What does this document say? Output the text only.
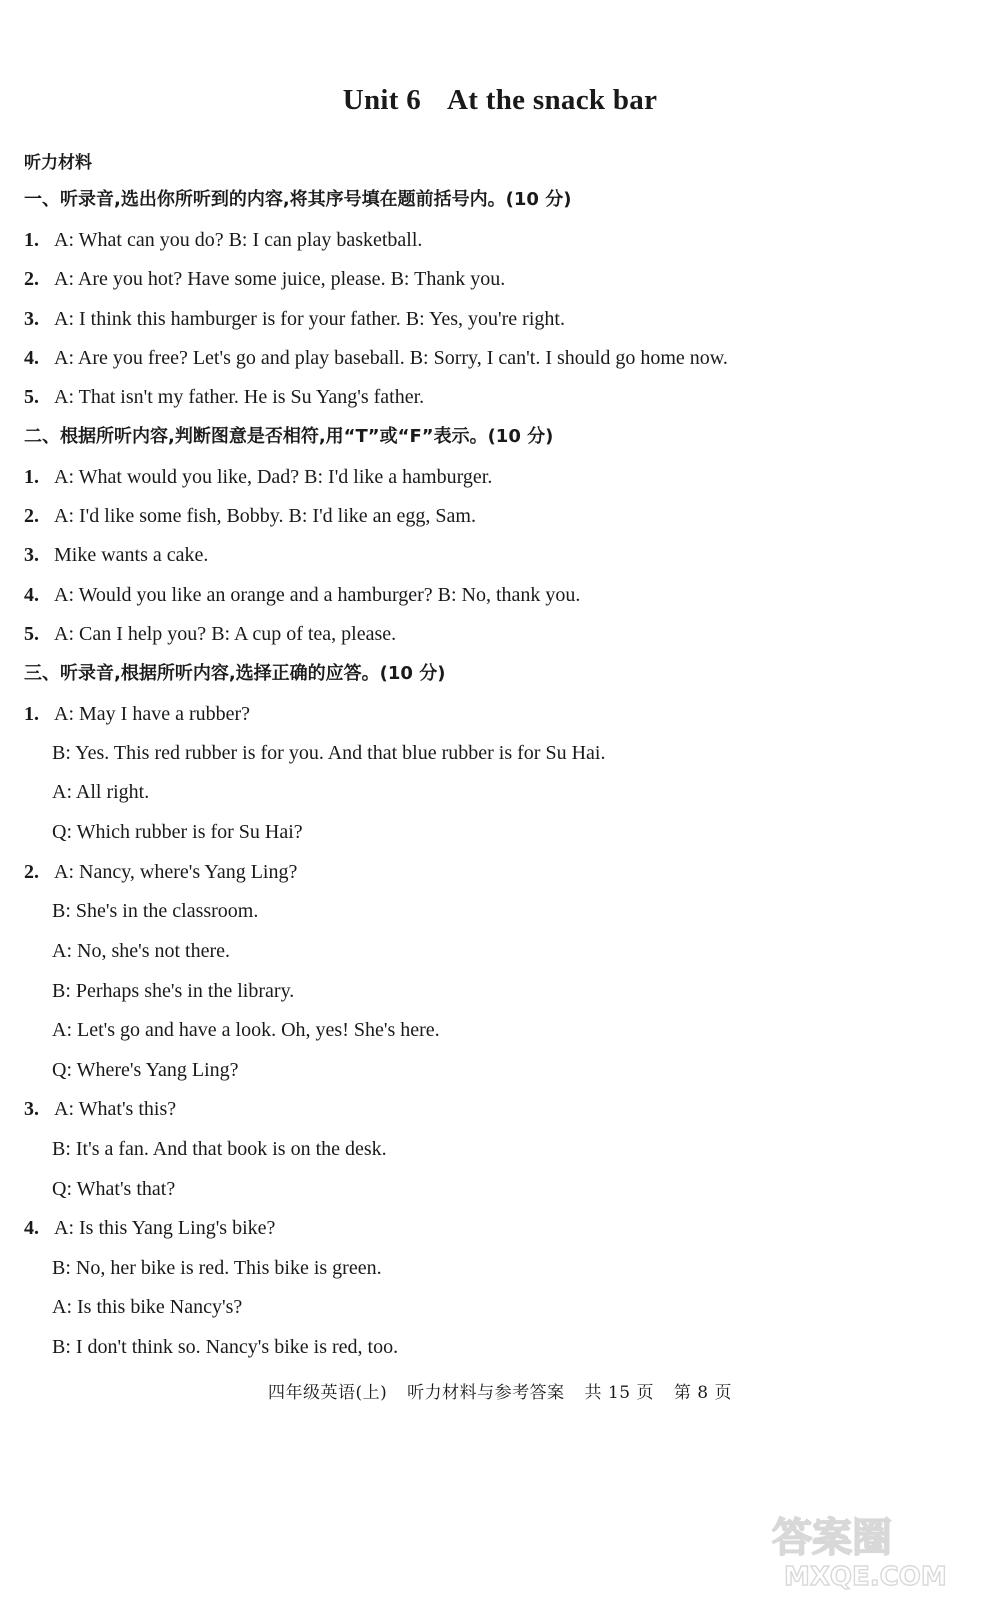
Unit 6 At the snack bar
听力材料
一、听录音,选出你所听到的内容,将其序号填在题前括号内。(10 分)
1. A: What can you do? B: I can play basketball.
2. A: Are you hot? Have some juice, please. B: Thank you.
3. A: I think this hamburger is for your father. B: Yes, you're right.
4. A: Are you free? Let's go and play baseball. B: Sorry, I can't. I should go home now.
5. A: That isn't my father. He is Su Yang's father.
二、根据所听内容,判断图意是否相符,用“T”或“F”表示。(10 分)
1. A: What would you like, Dad? B: I'd like a hamburger.
2. A: I'd like some fish, Bobby. B: I'd like an egg, Sam.
3. Mike wants a cake.
4. A: Would you like an orange and a hamburger? B: No, thank you.
5. A: Can I help you? B: A cup of tea, please.
三、听录音,根据所听内容,选择正确的应答。(10 分)
1. A: May I have a rubber?
B: Yes. This red rubber is for you. And that blue rubber is for Su Hai.
A: All right.
Q: Which rubber is for Su Hai?
2. A: Nancy, where's Yang Ling?
B: She's in the classroom.
A: No, she's not there.
B: Perhaps she's in the library.
A: Let's go and have a look. Oh, yes! She's here.
Q: Where's Yang Ling?
3. A: What's this?
B: It's a fan. And that book is on the desk.
Q: What's that?
4. A: Is this Yang Ling's bike?
B: No, her bike is red. This bike is green.
A: Is this bike Nancy's?
B: I don't think so. Nancy's bike is red, too.
四年级英语(上) 听力材料与参考答案 共 15 页 第 8 页
答案圈
MXQE.COM
